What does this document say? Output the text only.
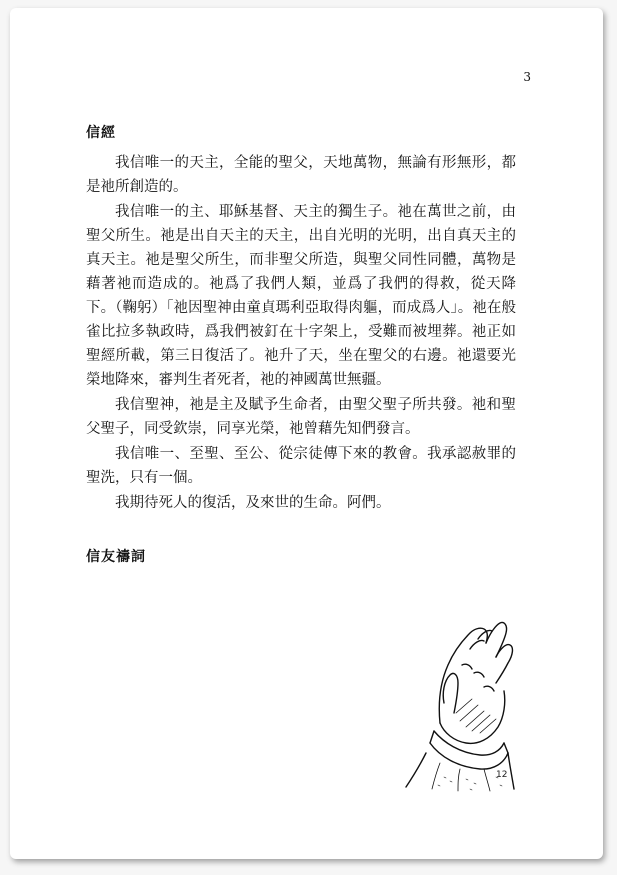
3
信經

我信唯一的天主，全能的聖父，天地萬物，無論有形無形，都是祂所創造的。

我信唯一的主、耶穌基督、天主的獨生子。祂在萬世之前，由聖父所生。祂是出自天主的天主，出自光明的光明，出自真天主的真天主。祂是聖父所生，而非聖父所造，與聖父同性同體，萬物是藉著祂而造成的。祂爲了我們人類，並爲了我們的得救，從天降下。（鞠躬）「祂因聖神由童貞瑪利亞取得肉軀，而成爲人」。祂在般雀比拉多執政時，爲我們被釘在十字架上，受難而被埋葬。祂正如聖經所載，第三日復活了。祂升了天，坐在聖父的右邊。祂還要光榮地降來，審判生者死者，祂的神國萬世無疆。

我信聖神，祂是主及賦予生命者，由聖父聖子所共發。祂和聖父聖子，同受欽崇，同享光榮，祂曾藉先知們發言。

我信唯一、至聖、至公、從宗徒傳下來的教會。我承認赦罪的聖洗，只有一個。

我期待死人的復活，及來世的生命。阿們。

信友禱詞
12
